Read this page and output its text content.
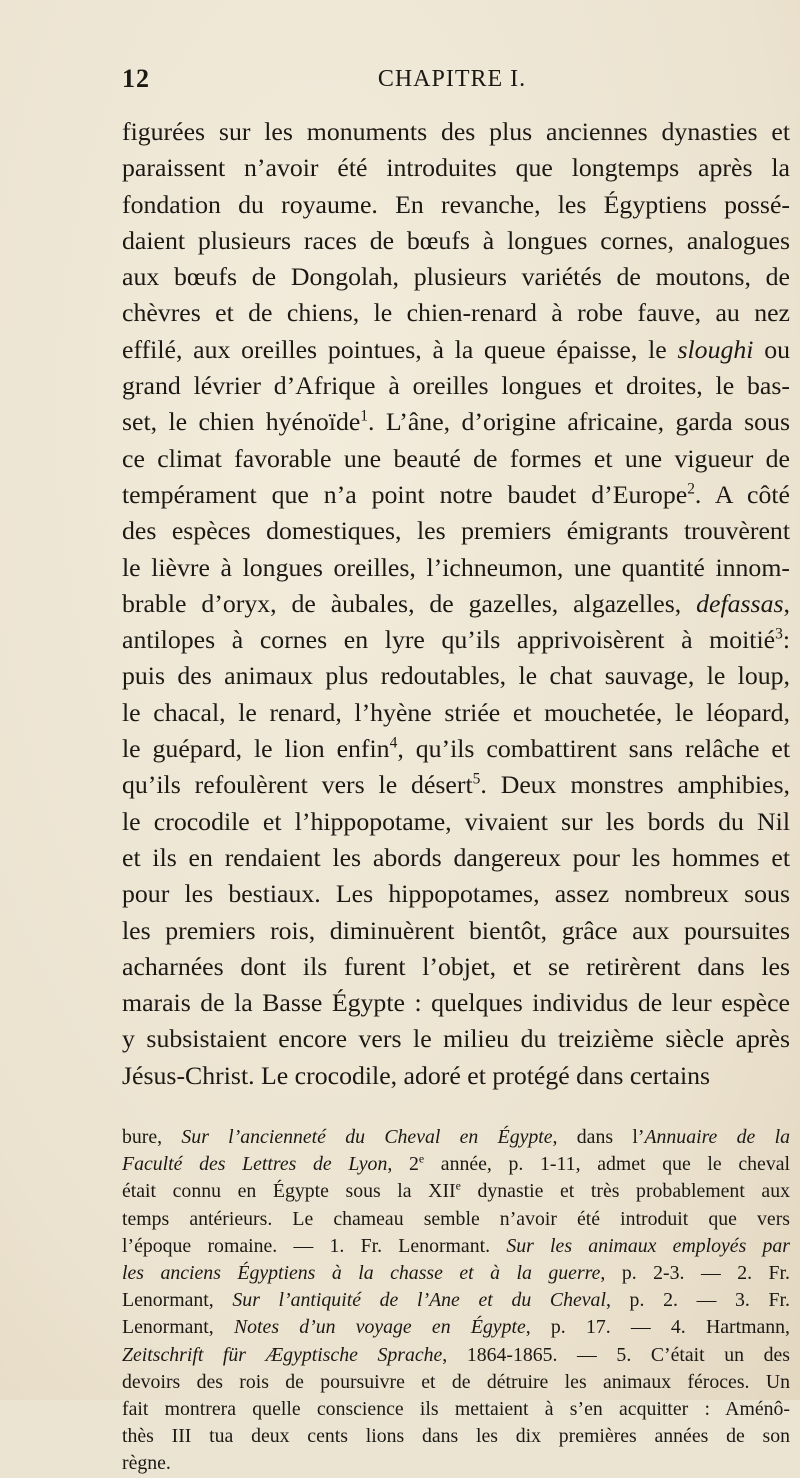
12	CHAPITRE I.
figurées sur les monuments des plus anciennes dynasties et
paraissent n’avoir été introduites que longtemps après la
fondation du royaume. En revanche, les Égyptiens possé-
daient plusieurs races de bœufs à longues cornes, analogues
aux bœufs de Dongolah, plusieurs variétés de moutons, de
chèvres et de chiens, le chien-renard à robe fauve, au nez
effilé, aux oreilles pointues, à la queue épaisse, le sloughi ou
grand lévrier d’Afrique à oreilles longues et droites, le bas-
set, le chien hyénoïde$^1$. L’âne, d’origine africaine, garda sous
ce climat favorable une beauté de formes et une vigueur de
tempérament que n’a point notre baudet d’Europe$^2$. A côté
des espèces domestiques, les premiers émigrants trouvèrent
le lièvre à longues oreilles, l’ichneumon, une quantité innom-
brable d’oryx, de àubales, de gazelles, algazelles, defassas,
antilopes à cornes en lyre qu’ils apprivoisèrent à moitié$^3$:
puis des animaux plus redoutables, le chat sauvage, le loup,
le chacal, le renard, l’hyène striée et mouchetée, le léopard,
le guépard, le lion enfin$^4$, qu’ils combattirent sans relâche et
qu’ils refoulèrent vers le désert$^5$. Deux monstres amphibies,
le crocodile et l’hippopotame, vivaient sur les bords du Nil
et ils en rendaient les abords dangereux pour les hommes et
pour les bestiaux. Les hippopotames, assez nombreux sous
les premiers rois, diminuèrent bientôt, grâce aux poursuites
acharnées dont ils furent l’objet, et se retirèrent dans les
marais de la Basse Égypte : quelques individus de leur espèce
y subsistaient encore vers le milieu du treizième siècle après
Jésus-Christ. Le crocodile, adoré et protégé dans certains
bure, Sur l’ancienneté du Cheval en Égypte, dans l’Annuaire de la
Faculté des Lettres de Lyon, 2e année, p. 1-11, admet que le cheval
était connu en Égypte sous la XIIe dynastie et très probablement aux
temps antérieurs. Le chameau semble n’avoir été introduit que vers
l’époque romaine. — 1. Fr. Lenormant. Sur les animaux employés par
les anciens Égyptiens à la chasse et à la guerre, p. 2-3. — 2. Fr.
Lenormant, Sur l’antiquité de l’Ane et du Cheval, p. 2. — 3. Fr.
Lenormant, Notes d’un voyage en Égypte, p. 17. — 4. Hartmann,
Zeitschrift für Ægyptische Sprache, 1864-1865. — 5. C’était un des
devoirs des rois de poursuivre et de détruire les animaux féroces. Un
fait montrera quelle conscience ils mettaient à s’en acquitter : Aménô-
thès III tua deux cents lions dans les dix premières années de son
règne.
